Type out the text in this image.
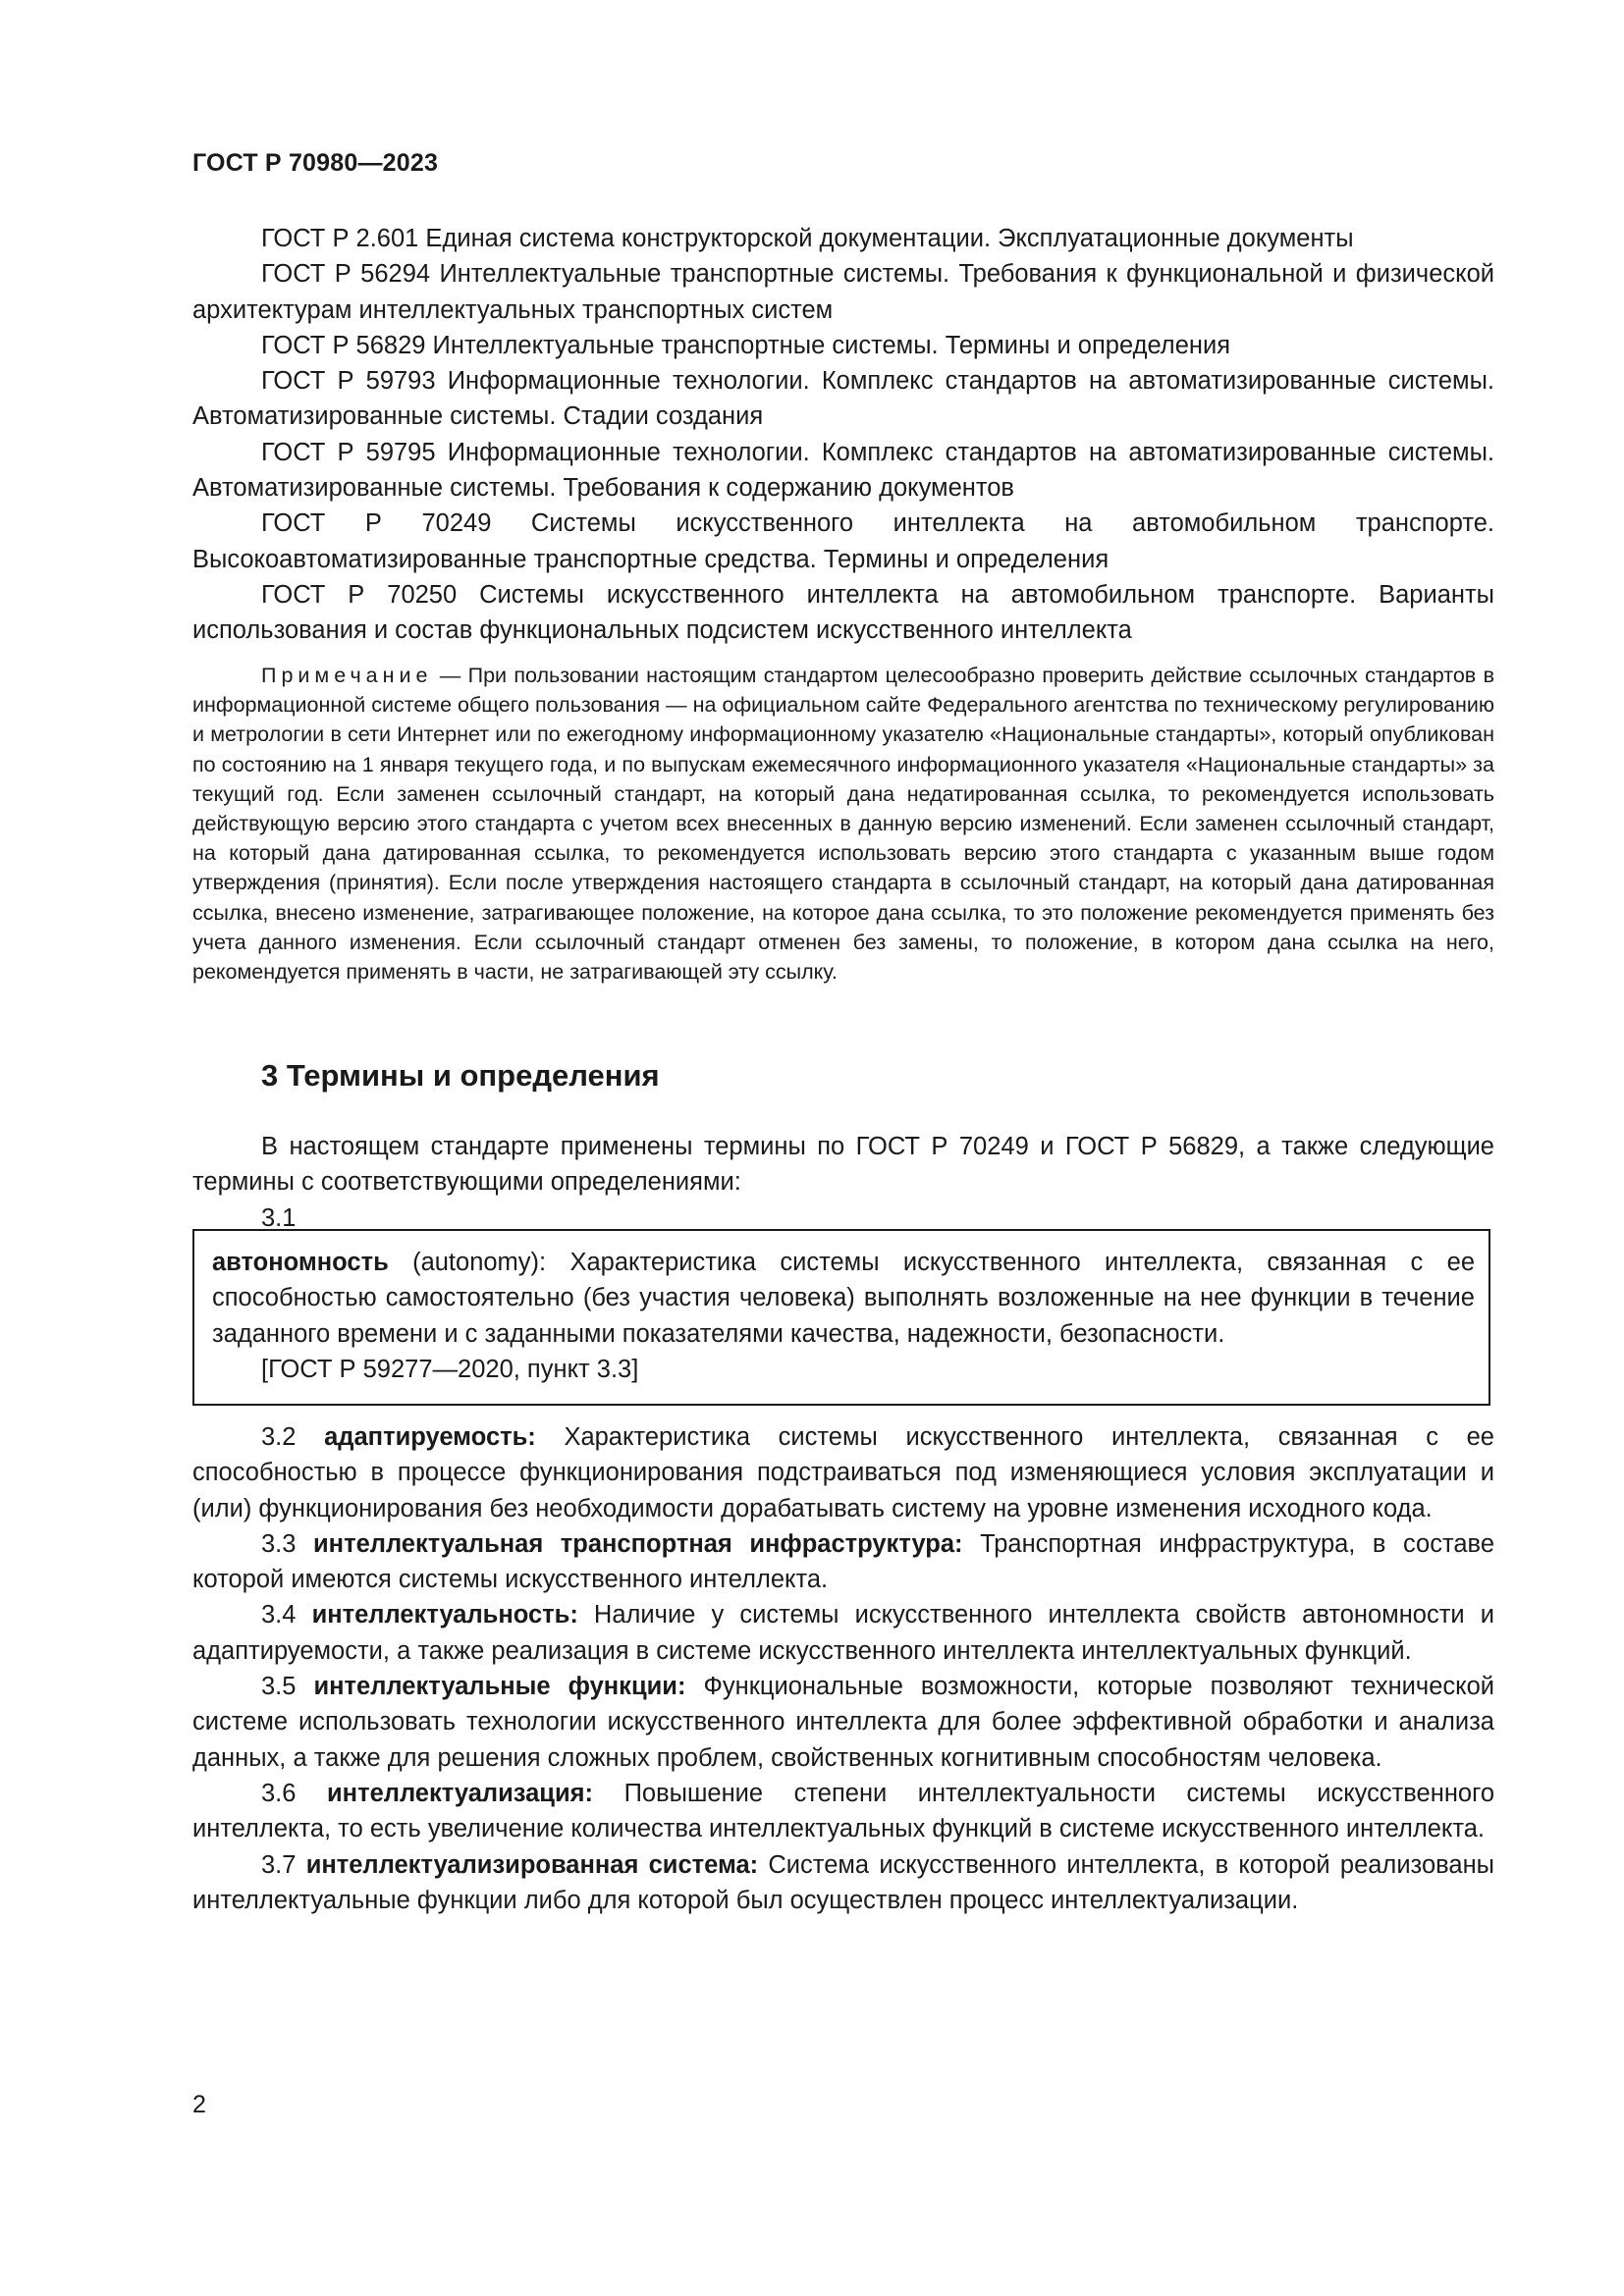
ГОСТ Р 70980—2023

ГОСТ Р 2.601 Единая система конструкторской документации. Эксплуатационные документы

ГОСТ Р 56294 Интеллектуальные транспортные системы. Требования к функциональной и физической архитектурам интеллектуальных транспортных систем

ГОСТ Р 56829 Интеллектуальные транспортные системы. Термины и определения

ГОСТ Р 59793 Информационные технологии. Комплекс стандартов на автоматизированные системы. Автоматизированные системы. Стадии создания

ГОСТ Р 59795 Информационные технологии. Комплекс стандартов на автоматизированные системы. Автоматизированные системы. Требования к содержанию документов

ГОСТ Р 70249 Системы искусственного интеллекта на автомобильном транспорте. Высокоавтоматизированные транспортные средства. Термины и определения

ГОСТ Р 70250 Системы искусственного интеллекта на автомобильном транспорте. Варианты использования и состав функциональных подсистем искусственного интеллекта

Примечание — При пользовании настоящим стандартом целесообразно проверить действие ссылочных стандартов в информационной системе общего пользования — на официальном сайте Федерального агентства по техническому регулированию и метрологии в сети Интернет или по ежегодному информационному указателю «Национальные стандарты», который опубликован по состоянию на 1 января текущего года, и по выпускам ежемесячного информационного указателя «Национальные стандарты» за текущий год. Если заменен ссылочный стандарт, на который дана недатированная ссылка, то рекомендуется использовать действующую версию этого стандарта с учетом всех внесенных в данную версию изменений. Если заменен ссылочный стандарт, на который дана датированная ссылка, то рекомендуется использовать версию этого стандарта с указанным выше годом утверждения (принятия). Если после утверждения настоящего стандарта в ссылочный стандарт, на который дана датированная ссылка, внесено изменение, затрагивающее положение, на которое дана ссылка, то это положение рекомендуется применять без учета данного изменения. Если ссылочный стандарт отменен без замены, то положение, в котором дана ссылка на него, рекомендуется применять в части, не затрагивающей эту ссылку.

3 Термины и определения

В настоящем стандарте применены термины по ГОСТ Р 70249 и ГОСТ Р 56829, а также следующие термины с соответствующими определениями:

3.1

автономность (autonomy): Характеристика системы искусственного интеллекта, связанная с ее способностью самостоятельно (без участия человека) выполнять возложенные на нее функции в течение заданного времени и с заданными показателями качества, надежности, безопасности.

[ГОСТ Р 59277—2020, пункт 3.3]

3.2 адаптируемость: Характеристика системы искусственного интеллекта, связанная с ее способностью в процессе функционирования подстраиваться под изменяющиеся условия эксплуатации и (или) функционирования без необходимости дорабатывать систему на уровне изменения исходного кода.

3.3 интеллектуальная транспортная инфраструктура: Транспортная инфраструктура, в составе которой имеются системы искусственного интеллекта.

3.4 интеллектуальность: Наличие у системы искусственного интеллекта свойств автономности и адаптируемости, а также реализация в системе искусственного интеллекта интеллектуальных функций.

3.5 интеллектуальные функции: Функциональные возможности, которые позволяют технической системе использовать технологии искусственного интеллекта для более эффективной обработки и анализа данных, а также для решения сложных проблем, свойственных когнитивным способностям человека.

3.6 интеллектуализация: Повышение степени интеллектуальности системы искусственного интеллекта, то есть увеличение количества интеллектуальных функций в системе искусственного интеллекта.

3.7 интеллектуализированная система: Система искусственного интеллекта, в которой реализованы интеллектуальные функции либо для которой был осуществлен процесс интеллектуализации.

2
